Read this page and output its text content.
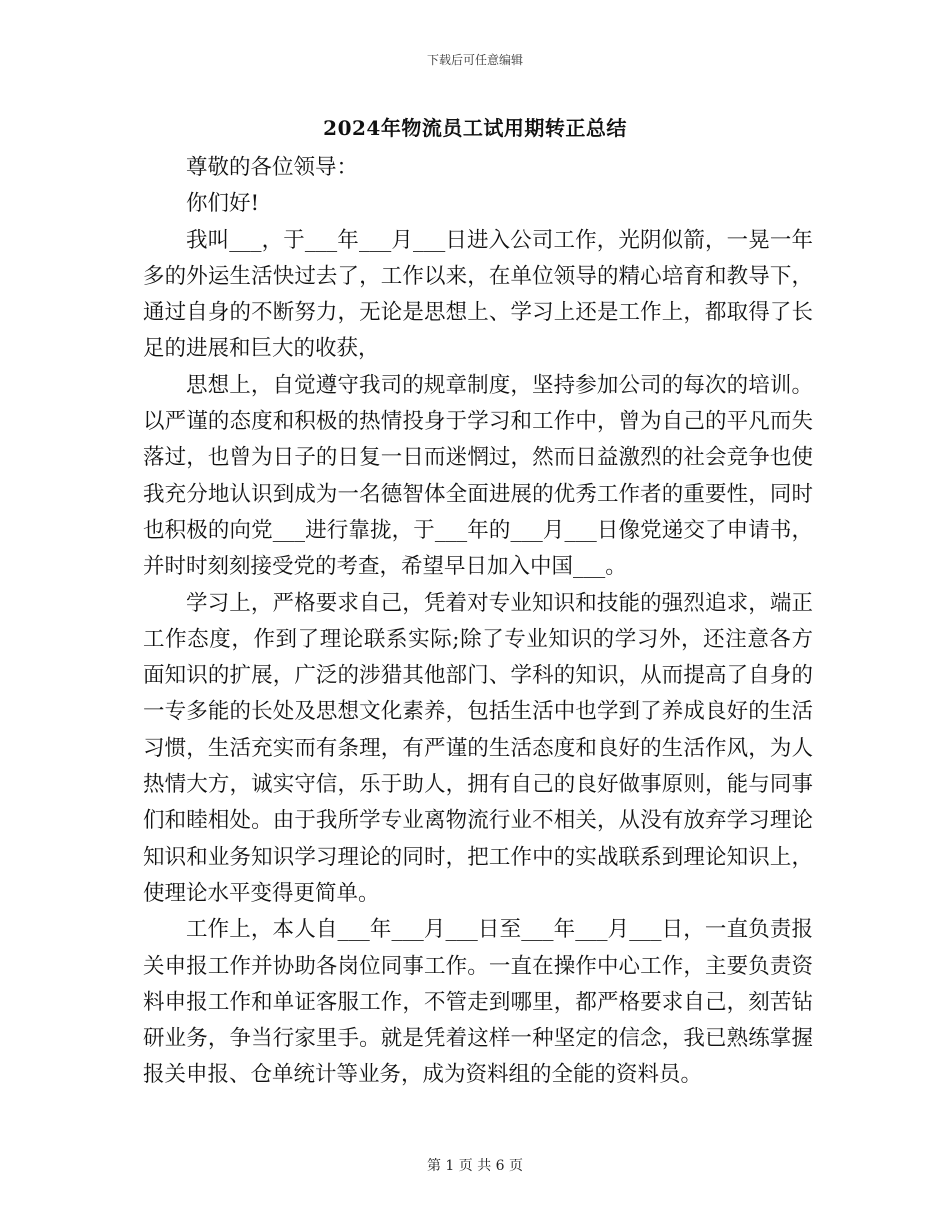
下载后可任意编辑
2024年物流员工试用期转正总结

尊敬的各位领导：

你们好!

我叫___，于___年___月___日进入公司工作，光阴似箭，一晃一年多的外运生活快过去了，工作以来，在单位领导的精心培育和教导下，通过自身的不断努力，无论是思想上、学习上还是工作上，都取得了长足的进展和巨大的收获，

思想上，自觉遵守我司的规章制度，坚持参加公司的每次的培训。以严谨的态度和积极的热情投身于学习和工作中，曾为自己的平凡而失落过，也曾为日子的日复一日而迷惘过，然而日益激烈的社会竞争也使我充分地认识到成为一名德智体全面进展的优秀工作者的重要性，同时也积极的向党___进行靠拢，于___年的___月___日像党递交了申请书，并时时刻刻接受党的考查，希望早日加入中国___。

学习上，严格要求自己，凭着对专业知识和技能的强烈追求，端正工作态度，作到了理论联系实际;除了专业知识的学习外，还注意各方面知识的扩展，广泛的涉猎其他部门、学科的知识，从而提高了自身的一专多能的长处及思想文化素养，包括生活中也学到了养成良好的生活习惯，生活充实而有条理，有严谨的生活态度和良好的生活作风，为人热情大方，诚实守信，乐于助人，拥有自己的良好做事原则，能与同事们和睦相处。由于我所学专业离物流行业不相关，从没有放弃学习理论知识和业务知识学习理论的同时，把工作中的实战联系到理论知识上，使理论水平变得更简单。

工作上，本人自___年___月___日至___年___月___日，一直负责报关申报工作并协助各岗位同事工作。一直在操作中心工作，主要负责资料申报工作和单证客服工作，不管走到哪里，都严格要求自己，刻苦钻研业务，争当行家里手。就是凭着这样一种坚定的信念，我已熟练掌握报关申报、仓单统计等业务，成为资料组的全能的资料员。

第 1 页 共 6 页
